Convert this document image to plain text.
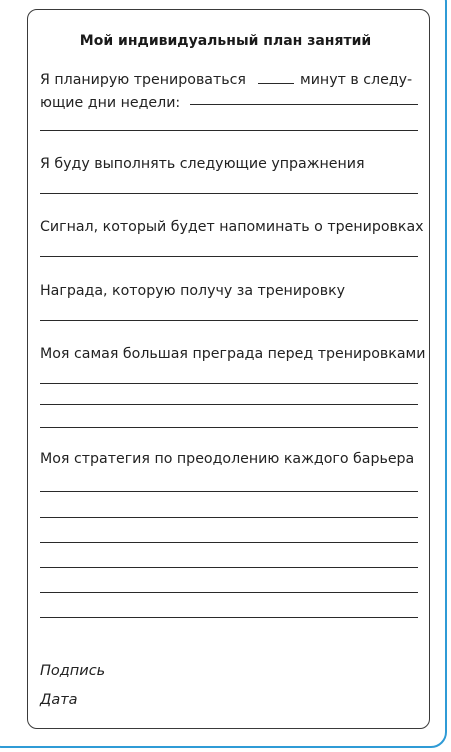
Мой индивидуальный план занятий
Я планирую тренироваться	минут в следу-
ющие дни недели:
Я буду выполнять следующие упражнения
Сигнал, который будет напоминать о тренировках
Награда, которую получу за тренировку
Моя самая большая преграда перед тренировками
Моя стратегия по преодолению каждого барьера
Подпись
Дата
